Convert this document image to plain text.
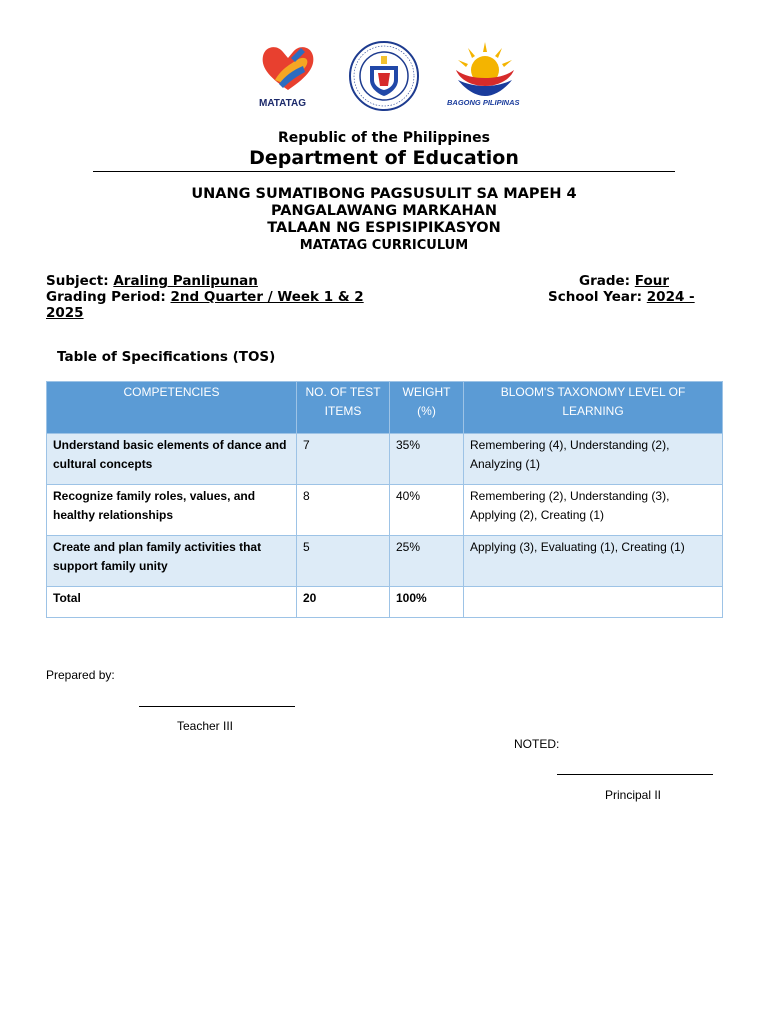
MATATAG	BAGONG PILIPINAS
Republic of the Philippines
Department of Education
UNANG SUMATIBONG PAGSUSULIT SA MAPEH 4
PANGALAWANG MARKAHAN
TALAAN NG ESPISIPIKASYON
MATATAG CURRICULUM
Subject: Araling Panlipunan	Grade: Four
Grading Period: 2nd Quarter / Week 1 & 2	School Year: 2024 -
2025
Table of Specifications (TOS)
COMPETENCIES	NO. OF TEST ITEMS	WEIGHT (%)	BLOOM'S TAXONOMY LEVEL OF LEARNING
Understand basic elements of dance and cultural concepts	7	35%	Remembering (4), Understanding (2), Analyzing (1)
Recognize family roles, values, and healthy relationships	8	40%	Remembering (2), Understanding (3), Applying (2), Creating (1)
Create and plan family activities that support family unity	5	25%	Applying (3), Evaluating (1), Creating (1)
Total	20	100%	
Prepared by:
Teacher III
NOTED:
Principal II
